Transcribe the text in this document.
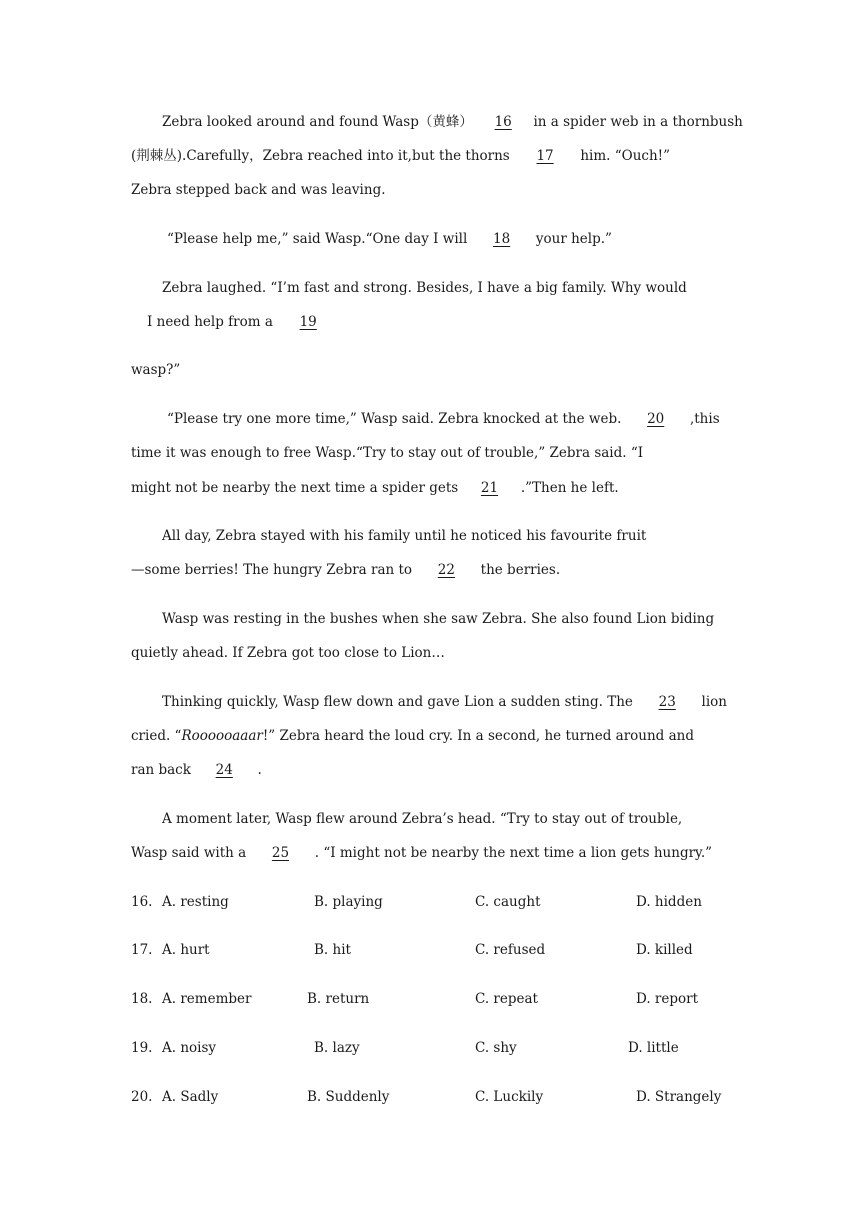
Zebra looked around and found Wasp（黄蜂） 16 in a spider web in a thornbush
(荆棘丛).Carefully，Zebra reached into it,but the thorns 17 him. “Ouch!”
Zebra stepped back and was leaving.
“Please help me,” said Wasp.“One day I will 18 your help.”
Zebra laughed. “I’m fast and strong. Besides, I have a big family. Why would
I need help from a 19
wasp?”
“Please try one more time,” Wasp said. Zebra knocked at the web. 20 ,this
time it was enough to free Wasp.“Try to stay out of trouble,” Zebra said. “I
might not be nearby the next time a spider gets 21 .”Then he left.
All day, Zebra stayed with his family until he noticed his favourite fruit
—some berries! The hungry Zebra ran to 22 the berries.
Wasp was resting in the bushes when she saw Zebra. She also found Lion biding
quietly ahead. If Zebra got too close to Lion…
Thinking quickly, Wasp flew down and gave Lion a sudden sting. The 23 lion
cried. “Roooooaaar!” Zebra heard the loud cry. In a second, he turned around and
ran back 24 .
A moment later, Wasp flew around Zebra’s head. “Try to stay out of trouble,
Wasp said with a 25 . “I might not be nearby the next time a lion gets hungry.”
16. A. resting	B. playing	C. caught	D. hidden
17. A. hurt	B. hit	C. refused	D. killed
18. A. remember	B. return	C. repeat	D. report
19. A. noisy	B. lazy	C. shy	D. little
20. A. Sadly	B. Suddenly	C. Luckily	D. Strangely
